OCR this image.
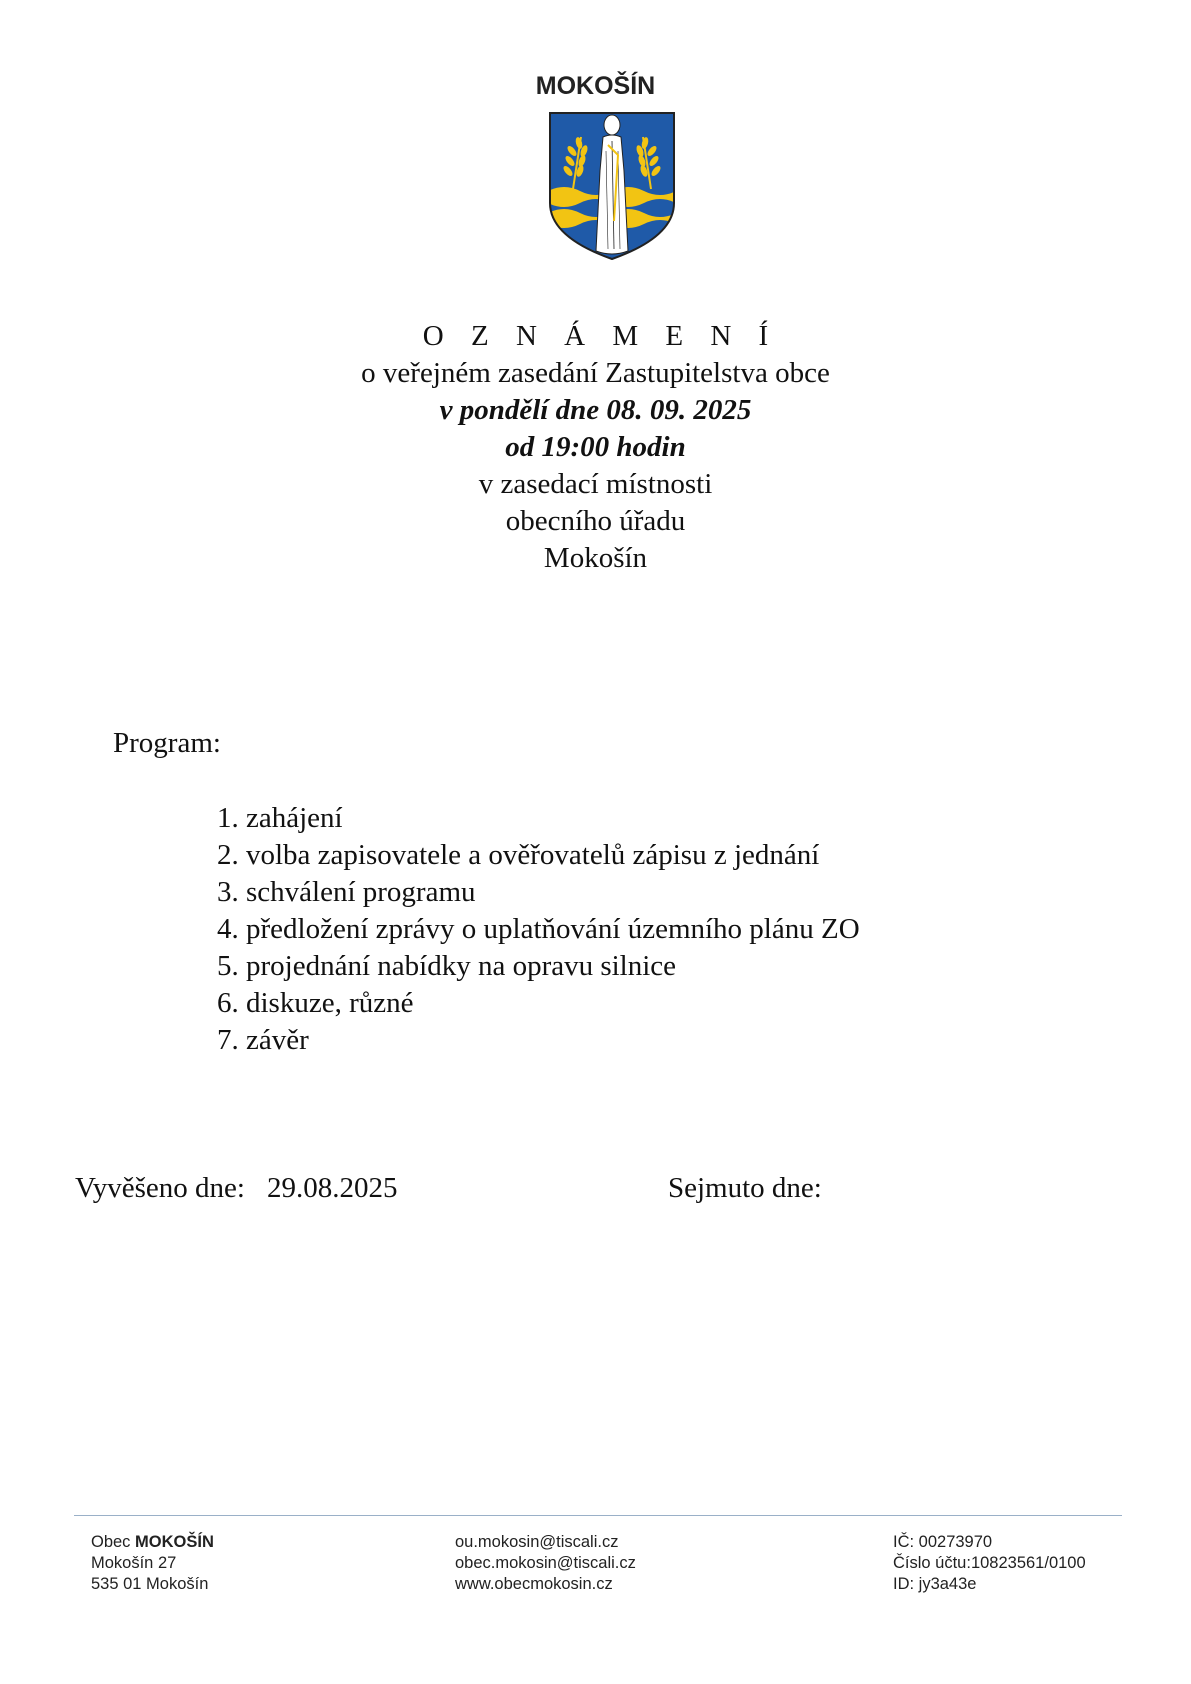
MOKOŠÍN
O Z N Á M E N Í
o veřejném zasedání Zastupitelstva obce
v pondělí dne 08. 09. 2025
od 19:00 hodin
v zasedací místnosti
obecního úřadu
Mokošín
Program:
1. zahájení
2. volba zapisovatele a ověřovatelů zápisu z jednání
3. schválení programu
4. předložení zprávy o uplatňování územního plánu ZO
5. projednání nabídky na opravu silnice
6. diskuze, různé
7. závěr
Vyvěšeno dne: 29.08.2025	Sejmuto dne:
Obec MOKOŠÍN
Mokošín 27
535 01 Mokošín
ou.mokosin@tiscali.cz
obec.mokosin@tiscali.cz
www.obecmokosin.cz
IČ: 00273970
Číslo účtu:10823561/0100
ID: jy3a43e
